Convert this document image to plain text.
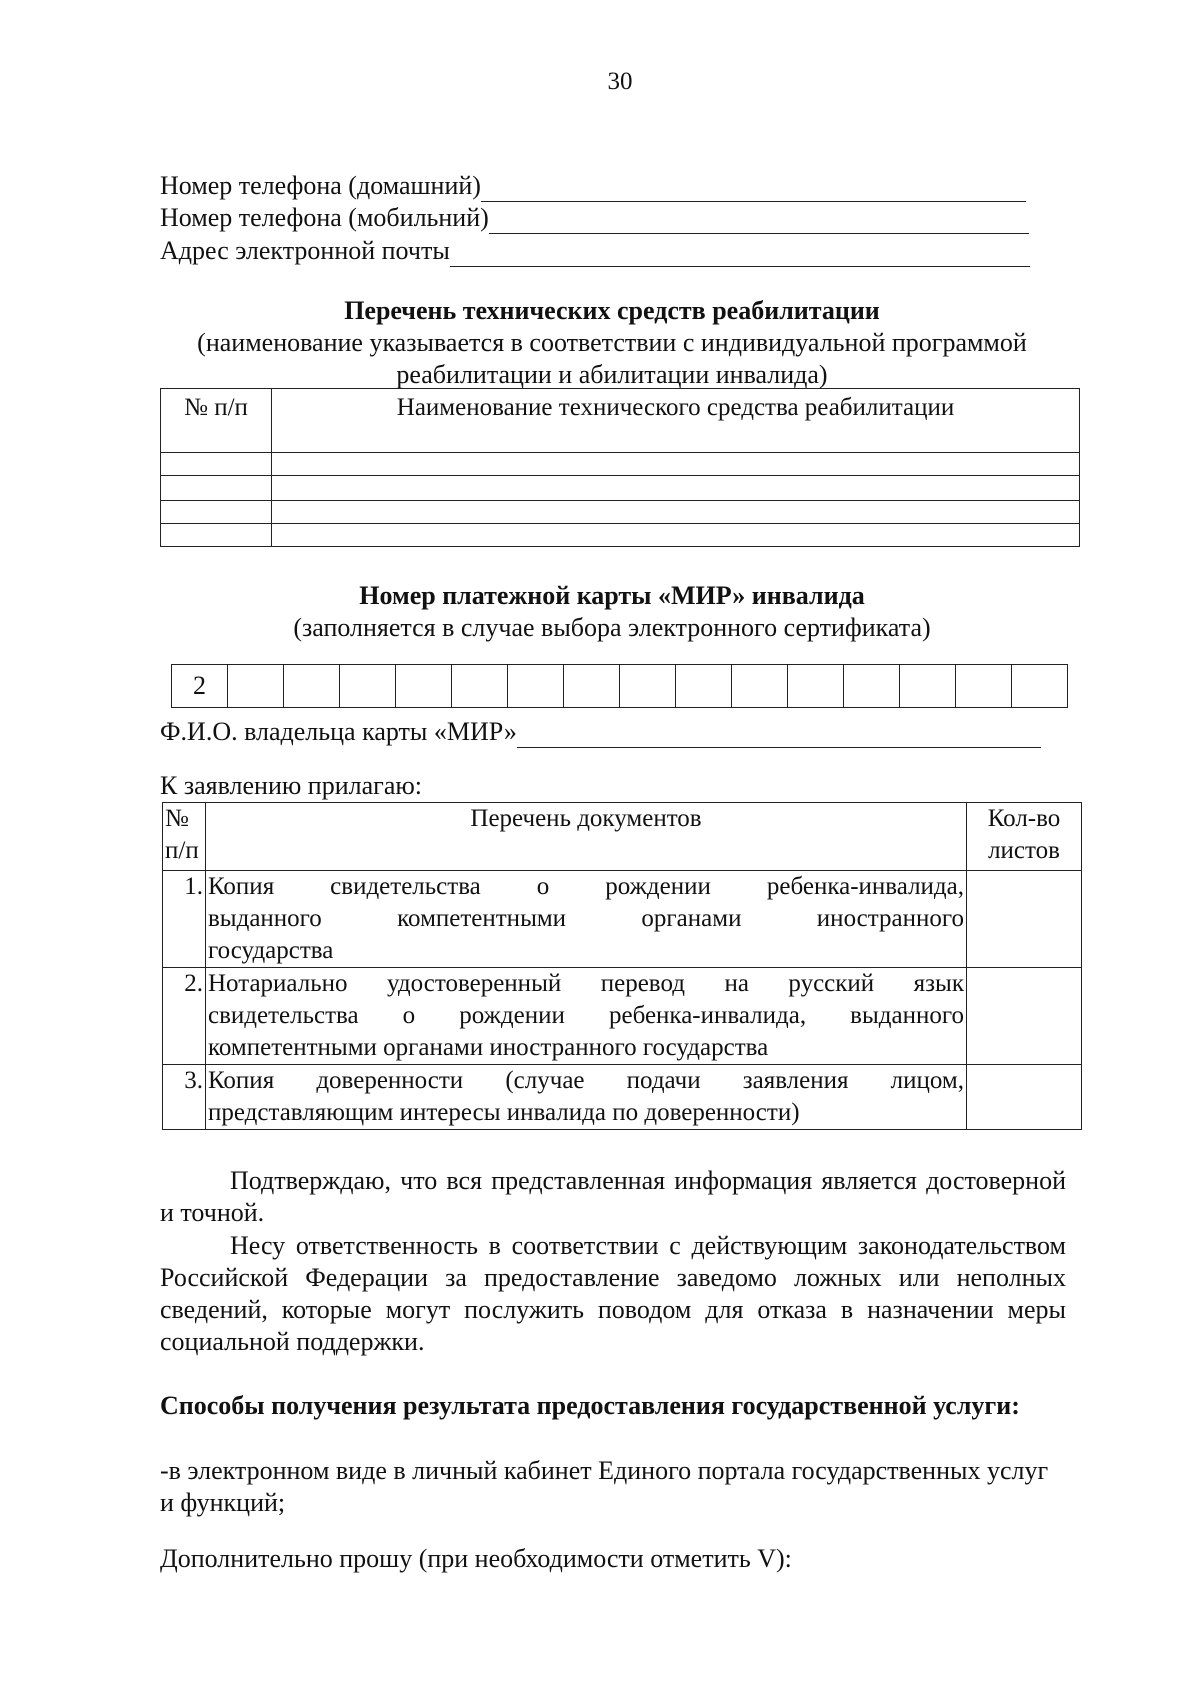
30
Номер телефона (домашний)
Номер телефона (мобильний)
Адрес электронной почты
Перечень технических средств реабилитации
(наименование указывается в соответствии с индивидуальной программой
реабилитации и абилитации инвалида)
№ п/п	Наименование технического средства реабилитации

Номер платежной карты «МИР» инвалида
(заполняется в случае выбора электронного сертификата)
2															
Ф.И.О. владельца карты «МИР»
К заявлению прилагаю:
№ п/п	Перечень документов	Кол-во листов
1.	Копия свидетельства о рождении ребенка-инвалида,
выданного компетентными органами иностранного
государства	

2.	Нотариально удостоверенный перевод на русский язык
свидетельства о рождении ребенка-инвалида, выданного
компетентными органами иностранного государства	

3.	Копия доверенности (случае подачи заявления лицом,
представляющим интересы инвалида по доверенности)	

Подтверждаю, что вся представленная информация является достоверной и точной.
Несу ответственность в соответствии с действующим законодательством Российской Федерации за предоставление заведомо ложных или неполных сведений, которые могут послужить поводом для отказа в назначении меры социальной поддержки.
Способы получения результата предоставления государственной услуги:
-в электронном виде в личный кабинет Единого портала государственных услуг и функций;
Дополнительно прошу (при необходимости отметить V):
